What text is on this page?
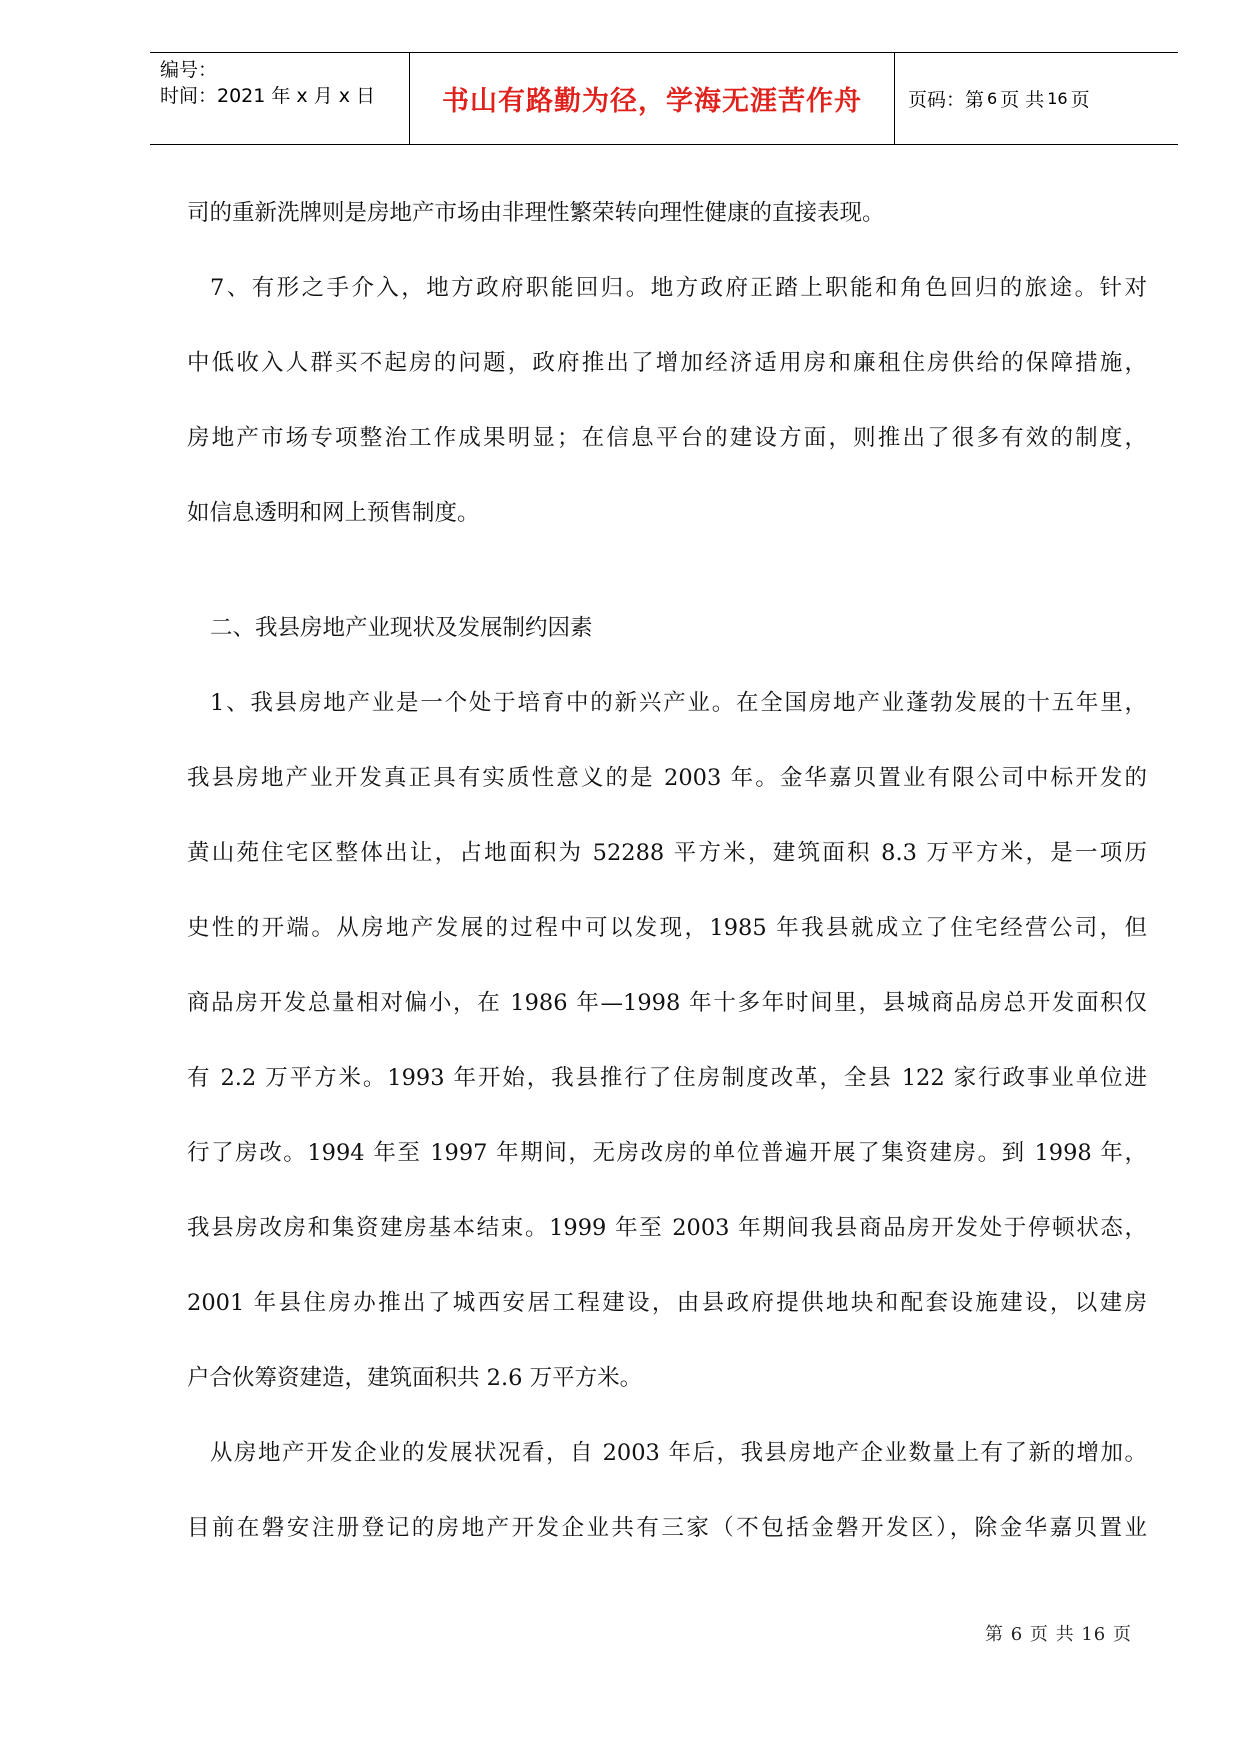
编号：
时间：2021 年 x 月 x 日	书山有路勤为径，学海无涯苦作舟	页码：第 6 页 共 16 页
司的重新洗牌则是房地产市场由非理性繁荣转向理性健康的直接表现。
7、有形之手介入，地方政府职能回归。地方政府正踏上职能和角色回归的旅途。针对
中低收入人群买不起房的问题，政府推出了增加经济适用房和廉租住房供给的保障措施，
房地产市场专项整治工作成果明显；在信息平台的建设方面，则推出了很多有效的制度，
如信息透明和网上预售制度。
二、我县房地产业现状及发展制约因素
1、我县房地产业是一个处于培育中的新兴产业。在全国房地产业蓬勃发展的十五年里，
我县房地产业开发真正具有实质性意义的是 2003 年。金华嘉贝置业有限公司中标开发的
黄山苑住宅区整体出让，占地面积为 52288 平方米，建筑面积 8.3 万平方米，是一项历
史性的开端。从房地产发展的过程中可以发现，1985 年我县就成立了住宅经营公司，但
商品房开发总量相对偏小，在 1986 年—1998 年十多年时间里，县城商品房总开发面积仅
有 2.2 万平方米。1993 年开始，我县推行了住房制度改革，全县 122 家行政事业单位进
行了房改。1994 年至 1997 年期间，无房改房的单位普遍开展了集资建房。到 1998 年，
我县房改房和集资建房基本结束。1999 年至 2003 年期间我县商品房开发处于停顿状态，
2001 年县住房办推出了城西安居工程建设，由县政府提供地块和配套设施建设，以建房
户合伙筹资建造，建筑面积共 2.6 万平方米。
从房地产开发企业的发展状况看，自 2003 年后，我县房地产企业数量上有了新的增加。
目前在磐安注册登记的房地产开发企业共有三家（不包括金磐开发区），除金华嘉贝置业
第 6 页 共 16 页
